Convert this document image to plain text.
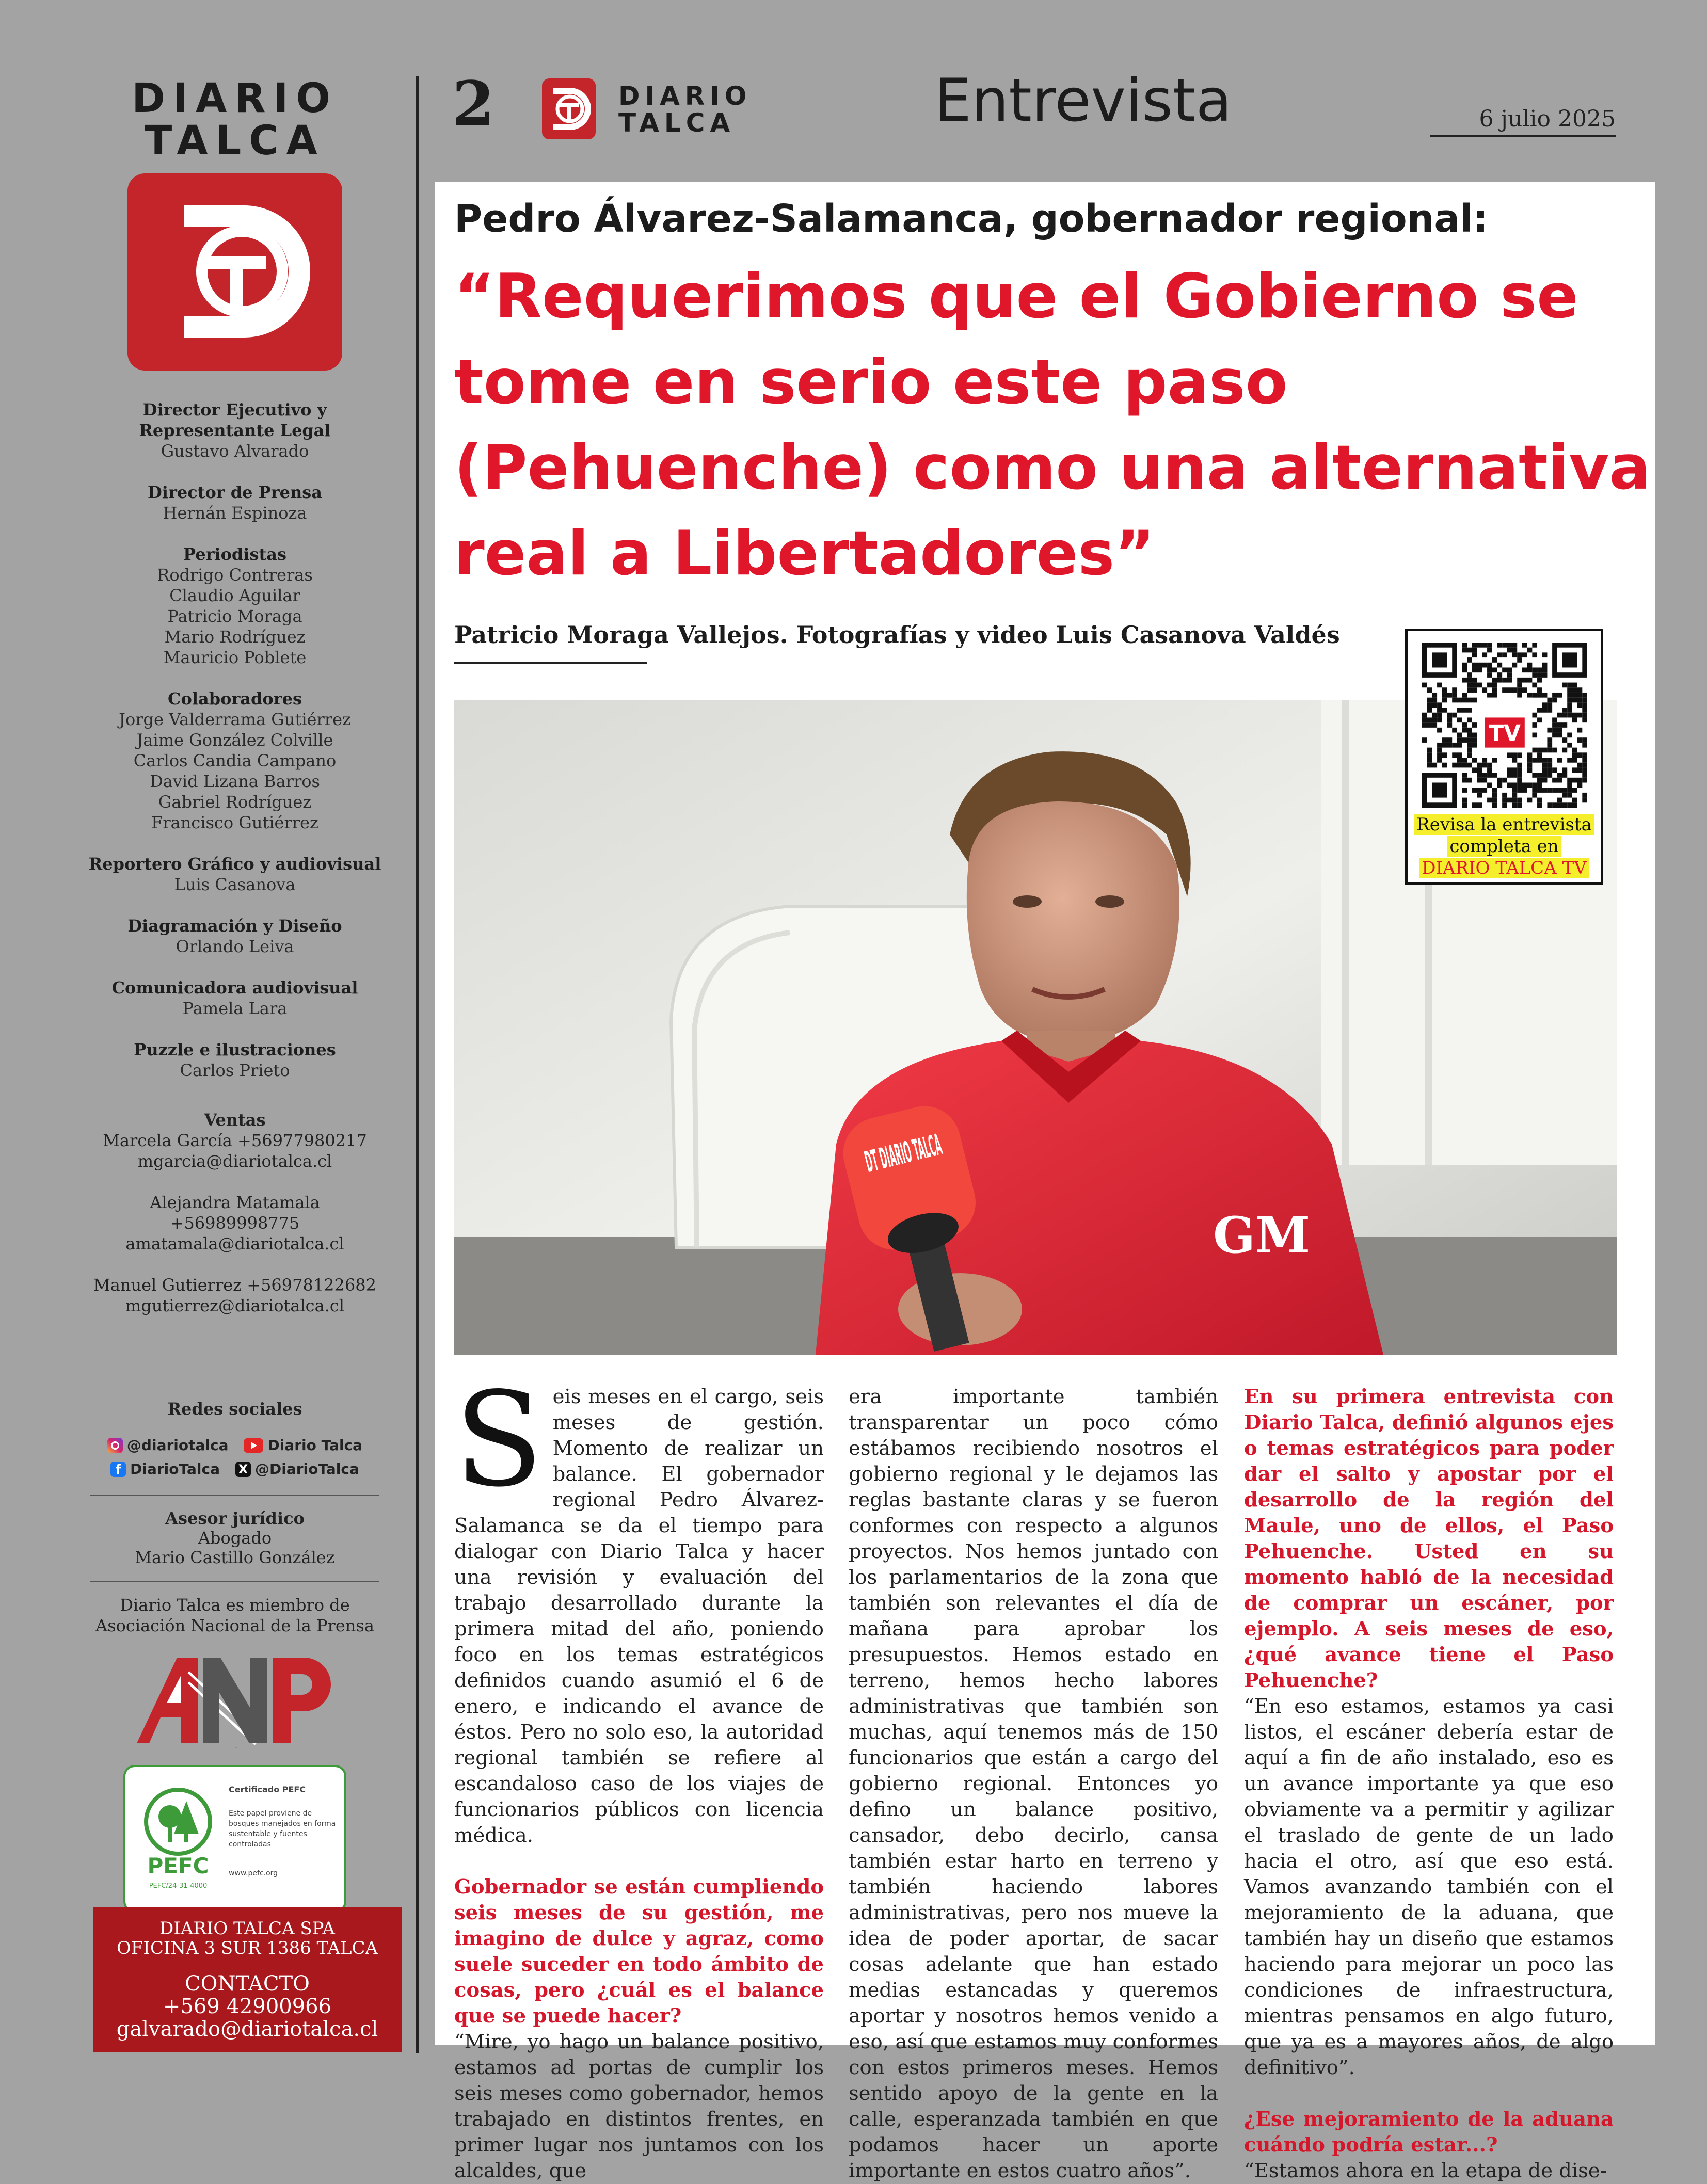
DIARIO
TALCA
Director Ejecutivo y
Representante Legal
Gustavo Alvarado
Director de Prensa
Hernán Espinoza
Periodistas
Rodrigo Contreras
Claudio Aguilar
Patricio Moraga
Mario Rodríguez
Mauricio Poblete
Colaboradores
Jorge Valderrama Gutiérrez
Jaime González Colville
Carlos Candia Campano
David Lizana Barros
Gabriel Rodríguez
Francisco Gutiérrez
Reportero Gráfico y audiovisual
Luis Casanova
Diagramación y Diseño
Orlando Leiva
Comunicadora audiovisual
Pamela Lara
Puzzle e ilustraciones
Carlos Prieto
Ventas
Marcela García +56977980217
mgarcia@diariotalca.cl
Alejandra Matamala +56989998775
amatamala@diariotalca.cl
Manuel Gutierrez +56978122682
mgutierrez@diariotalca.cl
Redes sociales
@diariotalca	Diario Talca
f DiarioTalca X @DiarioTalca
Asesor jurídico
Abogado
Mario Castillo González
Diario Talca es miembro de
Asociación Nacional de la Prensa
ANP
PEFC
PEFC/24-31-4000
Certificado PEFC
Este papel proviene de bosques manejados en forma sustentable y fuentes controladas
www.pefc.org
DIARIO TALCA SPA
OFICINA 3 SUR 1386 TALCA
CONTACTO
+569 42900966
galvarado@diariotalca.cl
2	DIARIO
TALCA	Entrevista	6 julio 2025
Pedro Álvarez-Salamanca, gobernador regional:
“Requerimos que el Gobierno se tome en serio este paso (Pehuenche) como una alternativa real a Libertadores”
Patricio Moraga Vallejos. Fotografías y video Luis Casanova Valdés
GM
TV
Revisa la entrevista
completa en
DIARIO TALCA TV

Seis meses en el cargo, seis meses de gestión. Momento de realizar un balance. El gobernador regional Pedro Álvarez-Salamanca se da el tiempo para dialogar con Diario Talca y hacer una revisión y evaluación del trabajo desarrollado durante la primera mitad del año, poniendo foco en los temas estratégicos definidos cuando asumió el 6 de enero, e indicando el avance de éstos. Pero no solo eso, la autoridad regional también se refiere al escandaloso caso de los viajes de funcionarios públicos con licencia médica.

Gobernador se están cumpliendo seis meses de su gestión, me imagino de dulce y agraz, como suele suceder en todo ámbito de cosas, pero ¿cuál es el balance que se puede hacer?

“Mire, yo hago un balance positivo, estamos ad portas de cumplir los seis meses como gobernador, hemos trabajado en distintos frentes, en primer lugar nos juntamos con los alcaldes, que

era importante también transparentar un poco cómo estábamos recibiendo nosotros el gobierno regional y le dejamos las reglas bastante claras y se fueron conformes con respecto a algunos proyectos. Nos hemos juntado con los parlamentarios de la zona que también son relevantes el día de mañana para aprobar los presupuestos. Hemos estado en terreno, hemos hecho labores administrativas que también son muchas, aquí tenemos más de 150 funcionarios que están a cargo del gobierno regional. Entonces yo defino un balance positivo, cansador, debo decirlo, cansa también estar harto en terreno y también haciendo labores administrativas, pero nos mueve la idea de poder aportar, de sacar cosas adelante que han estado medias estancadas y queremos aportar y nosotros hemos venido a eso, así que estamos muy conformes con estos primeros meses. Hemos sentido apoyo de la gente en la calle, esperanzada también en que podamos hacer un aporte importante en estos cuatro años”.

En su primera entrevista con Diario Talca, definió algunos ejes o temas estratégicos para poder dar el salto y apostar por el desarrollo de la región del Maule, uno de ellos, el Paso Pehuenche. Usted en su momento habló de la necesidad de comprar un escáner, por ejemplo. A seis meses de eso, ¿qué avance tiene el Paso Pehuenche?

“En eso estamos, estamos ya casi listos, el escáner debería estar de aquí a fin de año instalado, eso es un avance importante ya que eso obviamente va a permitir y agilizar el traslado de gente de un lado hacia el otro, así que eso está. Vamos avanzando también con el mejoramiento de la aduana, que también hay un diseño que estamos haciendo para mejorar un poco las condiciones de infraestructura, mientras pensamos en algo futuro, que ya es a mayores años, de algo definitivo”.

¿Ese mejoramiento de la aduana cuándo podría estar...?

“Estamos ahora en la etapa de dise-
